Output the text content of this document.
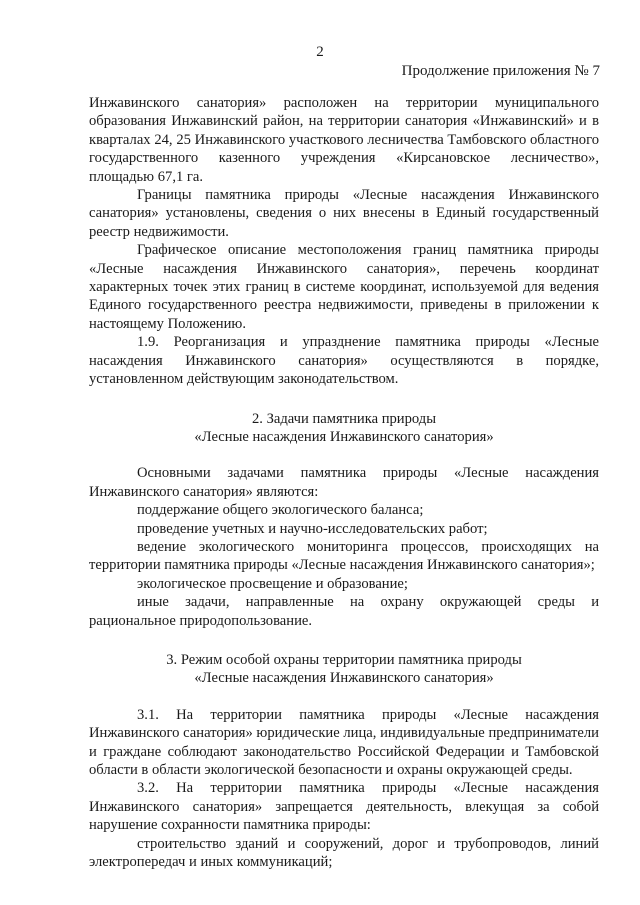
2
Продолжение приложения № 7

Инжавинского санатория» расположен на территории муниципального образования Инжавинский район, на территории санатория «Инжавинский» и в кварталах 24, 25 Инжавинского участкового лесничества Тамбовского областного государственного казенного учреждения «Кирсановское лесничество», площадью 67,1 га.

Границы памятника природы «Лесные насаждения Инжавинского санатория» установлены, сведения о них внесены в Единый государственный реестр недвижимости.

Графическое описание местоположения границ памятника природы «Лесные насаждения Инжавинского санатория», перечень координат характерных точек этих границ в системе координат, используемой для ведения Единого государственного реестра недвижимости, приведены в приложении к настоящему Положению.

1.9. Реорганизация и упразднение памятника природы «Лесные насаждения Инжавинского санатория» осуществляются в порядке, установленном действующим законодательством.

2. Задачи памятника природы
«Лесные насаждения Инжавинского санатория»

Основными задачами памятника природы «Лесные насаждения Инжавинского санатория» являются:

поддержание общего экологического баланса;

проведение учетных и научно-исследовательских работ;

ведение экологического мониторинга процессов, происходящих на территории памятника природы «Лесные насаждения Инжавинского санатория»;

экологическое просвещение и образование;

иные задачи, направленные на охрану окружающей среды и рациональное природопользование.

3. Режим особой охраны территории памятника природы
«Лесные насаждения Инжавинского санатория»

3.1. На территории памятника природы «Лесные насаждения Инжавинского санатория» юридические лица, индивидуальные предприниматели и граждане соблюдают законодательство Российской Федерации и Тамбовской области в области экологической безопасности и охраны окружающей среды.

3.2. На территории памятника природы «Лесные насаждения Инжавинского санатория» запрещается деятельность, влекущая за собой нарушение сохранности памятника природы:

строительство зданий и сооружений, дорог и трубопроводов, линий электропередач и иных коммуникаций;
